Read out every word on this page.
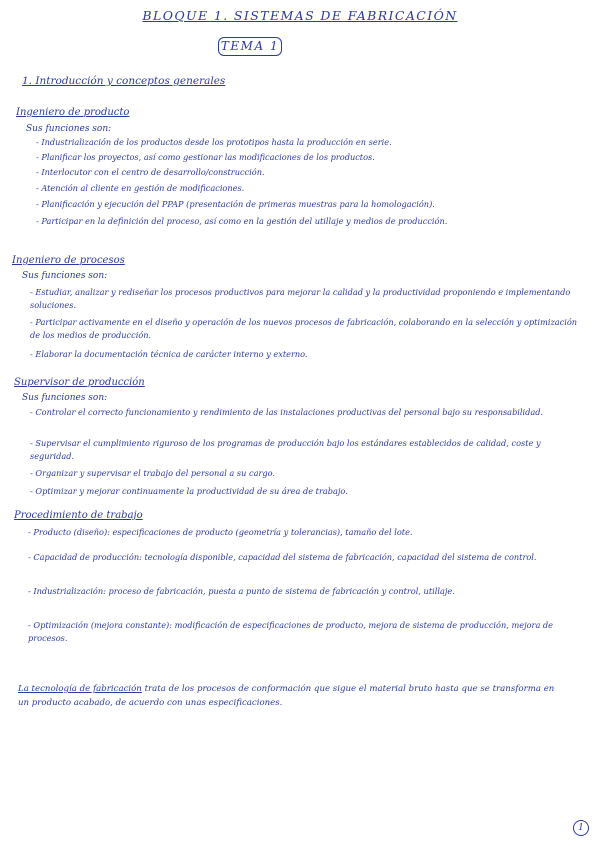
BLOQUE 1. SISTEMAS DE FABRICACIÓN
TEMA 1
1. Introducción y conceptos generales
Ingeniero de producto
Sus funciones son:
- Industrialización de los productos desde los prototipos hasta la producción en serie.
- Planificar los proyectos, así como gestionar las modificaciones de los productos.
- Interlocutor con el centro de desarrollo/construcción.
- Atención al cliente en gestión de modificaciones.
- Planificación y ejecución del PPAP (presentación de primeras muestras para la homologación).
- Participar en la definición del proceso, así como en la gestión del utillaje y medios de producción.
Ingeniero de procesos
Sus funciones son:
- Estudiar, analizar y rediseñar los procesos productivos para mejorar la calidad y la productividad proponiendo e implementando soluciones.
- Participar activamente en el diseño y operación de los nuevos procesos de fabricación, colaborando en la selección y optimización de los medios de producción.
- Elaborar la documentación técnica de carácter interno y externo.
Supervisor de producción
Sus funciones son:
- Controlar el correcto funcionamiento y rendimiento de las instalaciones productivas del personal bajo su responsabilidad.
- Supervisar el cumplimiento riguroso de los programas de producción bajo los estándares establecidos de calidad, coste y seguridad.
- Organizar y supervisar el trabajo del personal a su cargo.
- Optimizar y mejorar continuamente la productividad de su área de trabajo.
Procedimiento de trabajo
- Producto (diseño): especificaciones de producto (geometría y tolerancias), tamaño del lote.
- Capacidad de producción: tecnología disponible, capacidad del sistema de fabricación, capacidad del sistema de control.
- Industrialización: proceso de fabricación, puesta a punto de sistema de fabricación y control, utillaje.
- Optimización (mejora constante): modificación de especificaciones de producto, mejora de sistema de producción, mejora de procesos.
La tecnología de fabricación trata de los procesos de conformación que sigue el material bruto hasta que se transforma en un producto acabado, de acuerdo con unas especificaciones.
1
